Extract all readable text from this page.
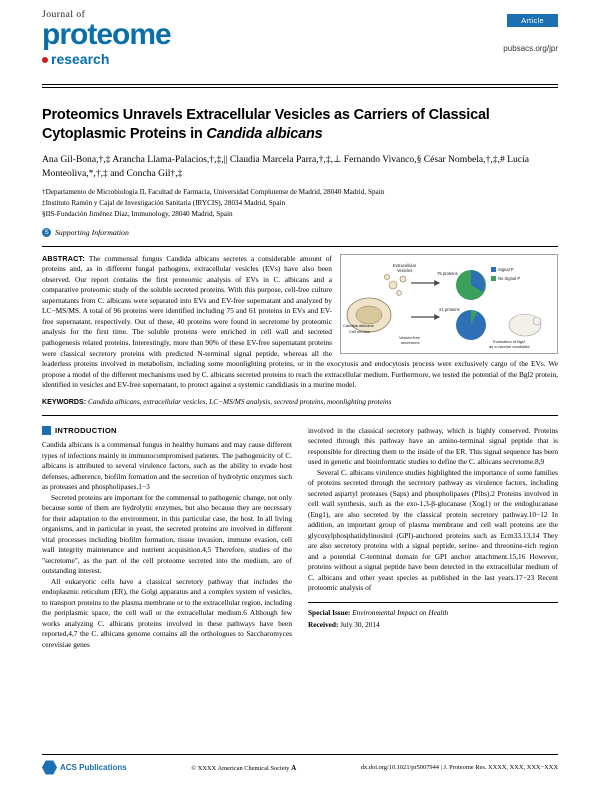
Journal of
proteome
research
Article
pubsacs.org/jpr
Proteomics Unravels Extracellular Vesicles as Carriers of Classical
Cytoplasmic Proteins in Candida albicans
Ana Gil-Bona,†,‡ Arancha Llama-Palacios,†,‡,|| Claudia Marcela Parra,†,‡,⊥ Fernando Vivanco,§ César Nombela,†,‡,# Lucía Monteoliva,*,†,‡ and Concha Gil†,‡
†Departamento de Microbiología II, Facultad de Farmacia, Universidad Complutense de Madrid, 28040 Madrid, Spain
‡Instituto Ramón y Cajal de Investigación Sanitaria (IRYCIS), 28034 Madrid, Spain
§IIS-Fundación Jiménez Díaz, Immunology, 28040 Madrid, Spain
S Supporting Information
Extracellular
Vesicles
75 proteins
21 proteins
Signal P
No Signal P
Candida albicans
Cell surface
Vesicle-free
secretome	Evaluation of Bgl2
as a vaccine candidate
ABSTRACT: The commensal fungus Candida albicans secretes a considerable amount of proteins and, as in different fungal pathogens, extracellular vesicles (EVs) have also been observed. Our report contains the first proteomic analysis of EVs in C. albicans and a comparative proteomic study of the soluble secreted proteins. With this purpose, cell-free culture supernatants from C. albicans were separated into EVs and EV-free supernatant and analyzed by LC−MS/MS. A total of 96 proteins were identified including 75 and 61 proteins in EVs and EV-free supernatant, respectively. Out of these, 40 proteins were found in secretome by proteomic analysis for the first time. The soluble proteins were enriched in cell wall and secreted pathogenesis related proteins. Interestingly, more than 90% of these EV-free supernatant proteins were classical secretory proteins with predicted N-terminal signal peptide, whereas all the leaderless proteins involved in metabolism, including some moonlighting proteins, or in the exocytosis and endocytosis process were exclusively cargo of the EVs. We propose a model of the different mechanisms used by C. albicans secreted proteins to reach the extracellular medium. Furthermore, we tested the potential of the Bgl2 protein, identified in vesicles and EV-free supernatant, to protect against a systemic candidiasis in a murine model.
KEYWORDS: Candida albicans, extracellular vesicles, LC−MS/MS analysis, secreted proteins, moonlighting proteins
INTRODUCTION

Candida albicans is a commensal fungus in healthy humans and may cause different types of infections mainly in immunocompromised patients. The pathogenicity of C. albicans is attributed to several virulence factors, such as the ability to evade host defenses, adherence, biofilm formation and the secretion of hydrolytic enzymes such as proteases and phospholipases.1−3

Secreted proteins are important for the commensal to pathogenic change, not only because some of them are hydrolytic enzymes, but also because they are necessary for their adaptation to the environment, in this particular case, the host. In all living organisms, and in particular in yeast, the secreted proteins are involved in different vital processes including biofilm formation, tissue invasion, immune evasion, cell wall integrity maintenance and nutrient acquisition.4,5 Therefore, studies of the "secretome", as the part of the cell proteome secreted into the medium, are of outstanding interest.

All eukaryotic cells have a classical secretory pathway that includes the endoplasmic reticulum (ER), the Golgi apparatus and a complex system of vesicles, to transport proteins to the plasma membrane or to the extracellular region, including the periplasmic space, the cell wall or the extracellular medium.6 Although few works analyzing C. albicans proteins involved in these pathways have been reported,4,7 the C. albicans genome contains all the orthologues to Saccharomyces cerevisiae genes

involved in the classical secretory pathway, which is highly conserved. Proteins secreted through this pathway have an amino-terminal signal peptide that is responsible for directing them to the inside of the ER. This signal sequence has been used in genetic and bioinformatic studies to define the C. albicans secretome.8,9

Several C. albicans virulence studies highlighted the importance of some families of proteins secreted through the secretory pathway as virulence factors, including secreted aspartyl proteases (Saps) and phospholipases (Plbs).2 Proteins involved in cell wall synthesis, such as the exo-1,3-β-glucanase (Xog1) or the endoglucanase (Eng1), are also secreted by the classical protein secretory pathway.10−12 In addition, an important group of plasma membrane and cell wall proteins are the glycosylphosphatidylinositol (GPI)-anchored proteins such as Ecm33.13,14 They are also secretory proteins with a signal peptide, serine- and threonine-rich region and a potential C-terminal domain for GPI anchor attachment.15,16 However, proteins without a signal peptide have been detected in the extracellular medium of C. albicans and other yeast species as published in the last years.17−23 Recent proteomic analysis of

Special Issue: Environmental Impact on Health
Received: July 30, 2014
ACS Publications	© XXXX American Chemical Society A	dx.doi.org/10.1021/pr5007944 | J. Proteome Res. XXXX, XXX, XXX−XXX
